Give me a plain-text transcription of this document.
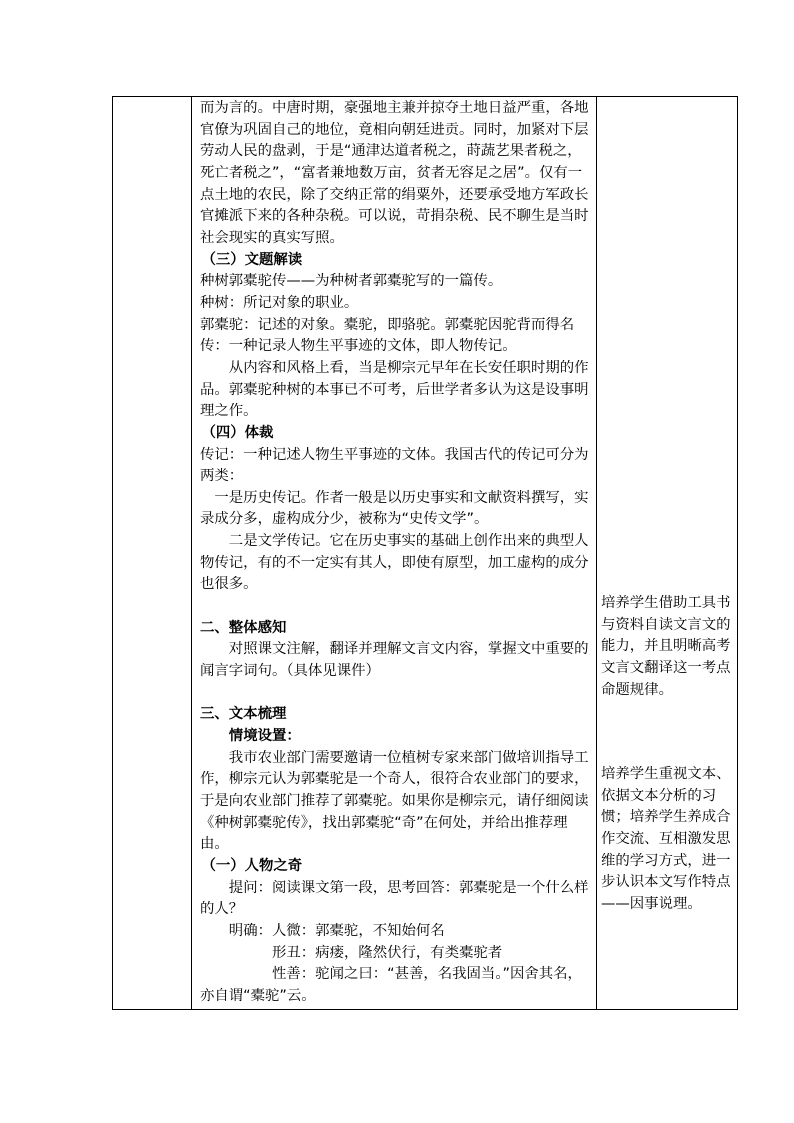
而为言的。中唐时期，豪强地主兼并掠夺土地日益严重，各地官僚为巩固自己的地位，竟相向朝廷进贡。同时，加紧对下层劳动人民的盘剥，于是“通津达道者税之，莳蔬艺果者税之，死亡者税之”，“富者兼地数万亩，贫者无容足之居”。仅有一点土地的农民，除了交纳正常的绢粟外，还要承受地方军政长官摊派下来的各种杂税。可以说，苛捐杂税、民不聊生是当时社会现实的真实写照。

（三）文题解读

种树郭橐驼传——为种树者郭橐驼写的一篇传。

种树：所记对象的职业。

郭橐驼：记述的对象。橐驼，即骆驼。郭橐驼因驼背而得名

传：一种记录人物生平事迹的文体，即人物传记。

从内容和风格上看，当是柳宗元早年在长安任职时期的作品。郭橐驼种树的本事已不可考，后世学者多认为这是设事明理之作。

（四）体裁

传记：一种记述人物生平事迹的文体。我国古代的传记可分为两类：

一是历史传记。作者一般是以历史事实和文献资料撰写，实录成分多，虚构成分少，被称为“史传文学”。

二是文学传记。它在历史事实的基础上创作出来的典型人物传记，有的不一定实有其人，即使有原型，加工虚构的成分也很多。

二、整体感知

对照课文注解，翻译并理解文言文内容，掌握文中重要的闻言字词句。（具体见课件）

三、文本梳理

情境设置：

我市农业部门需要邀请一位植树专家来部门做培训指导工作，柳宗元认为郭橐驼是一个奇人，很符合农业部门的要求，于是向农业部门推荐了郭橐驼。如果你是柳宗元，请仔细阅读《种树郭橐驼传》，找出郭橐驼“奇”在何处，并给出推荐理由。

（一）人物之奇

提问：阅读课文第一段，思考回答：郭橐驼是一个什么样的人？

明确：人微：郭橐驼，不知始何名

形丑：病瘘，隆然伏行，有类橐驼者

性善：驼闻之曰：“甚善，名我固当。”因舍其名，亦自谓“橐驼”云。

培养学生借助工具书与资料自读文言文的能力，并且明晰高考文言文翻译这一考点命题规律。

培养学生重视文本、依据文本分析的习惯；培养学生养成合作交流、互相激发思维的学习方式，进一步认识本文写作特点——因事说理。
